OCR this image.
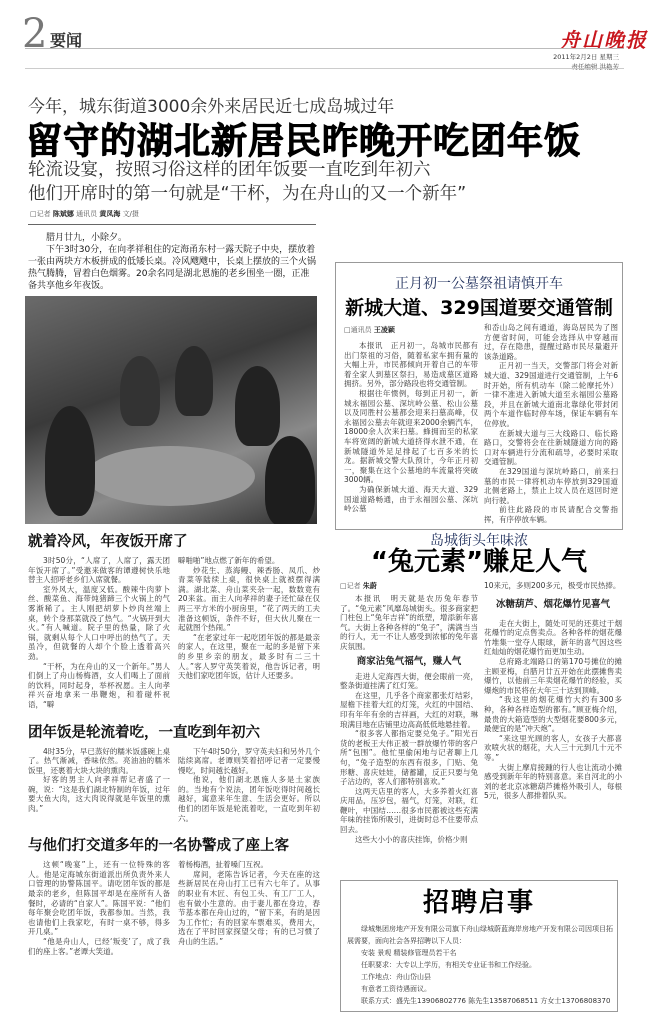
2 要闻	舟山晚报
2011年2月2日 星期三
责任编辑 洪艳芳
今年，城东街道3000余外来居民近七成岛城过年
留守的湖北新居民昨晚开吃团年饭
轮流设宴，按照习俗这样的团年饭要一直吃到年初六
他们开席时的第一句就是“干杯，为在舟山的又一个新年”
□记者 陈斌娜 通讯员 黄凤海 文/摄

腊月廿九，小除夕。

下午3时30分，在向孝祥租住的定海甬东村一露天院子中央，摆放着一张由两块方木板拼成的低矮长桌。冷风飕飕中，长桌上摆放的三个火锅热气腾腾，冒着白色烟雾。20余名同是湖北恩施的老乡围坐一圈，正准备共享他乡年夜饭。

就着冷风，年夜饭开席了

3时50分，“人席了，人席了，露天团年饭开席了。”受邀来做客的谭遵树快乐地替主人招呼老乡们入席就餐。

室外风大，温度又低。酸辣牛肉萝卜丝、酸菜鱼、海带炖猪蹄三个火锅上的气雾渐稀了。主人刚把胡萝卜炒肉丝端上桌，转个身那菜就没了热气。“火锅开到大火。”有人喊道。院子里的热量，除了火锅，就剩从每个人口中呼出的热气了。天虽冷，但就餐的人却个个脸上透着高兴劲。

“干杯，为在舟山的又一个新年。”男人们倒上了舟山杨梅酒，女人们喝上了面前的饮料，同时起身，举杯祝愿。主人向孝祥兴奋地拿来一串鞭炮，和着碰杯祝语，“噼

噼啪啪”地点燃了新年的希望。

炒花生、蒸海鳗、辣香肠、凤爪、炒青菜等陆续上桌，很快桌上就被摆得满满。湖北菜、舟山菜夹杂一起，数数竟有20来盆。而主人向孝祥的妻子还忙碌在仅两三平方米的小厨房里，“花了两天的工夫准备这顿饭，条件不好，但大伙儿聚在一起就图个热闹。”

“在老家过年一起吃团年饭的都是最亲的家人，在这里，聚在一起的多是留下来的乡里乡亲的朋友，最多时有二三十人。”客人罗守英笑着说，他告诉记者，明天他们家吃团年饭，估计人还要多。

团年饭是轮流着吃，一直吃到年初六

4时35分，早已蒸好的糯米饭盛碗上桌了。热气渐减，香味依然。亮油油的糯米饭里，还裹着大块大块的熏肉。

好客的男主人向孝祥帮记者盛了一碗，说：“这是我们湖北特制的年饭，过年要大鱼大肉，这大肉说得就是年饭里的熏肉。”

下午4时50分，罗守英夫妇和另外几个陆续离席。老谭则笑着招呼记者一定要慢慢吃，时间越长越好。

他说，他们湖北恩施人多是土家族的。当地有个说法，团年饭吃得时间越长越好，寓意来年生意、生活会更好。所以他们的团年饭是轮流着吃，一直吃到年初六。

与他们打交道多年的一名协警成了座上客

这顿“晚宴”上，还有一位特殊的客人。他是定海城东街道派出所负责外来人口管理的协警陈国平。请吃团年饭的都是最亲的老乡，但陈国平却是在座所有人备餐时，必请的“自家人”。陈国平说：“他们每年聚会吃团年饭，我都参加。当然，我也请他们上我家吃，有时一桌不够，得多开几桌。”

“他是舟山人，已经‘叛变’了，成了我们的座上客。”老谭大笑道。

着杨梅酒，扯着嗓门互祝。

席间，老陈告诉记者，今天在座的这些新居民在舟山打工已有六七年了。从事的职业有木匠、有包工头、有工厂工人，也有做小生意的。由于妻儿都在身边，春节基本都在舟山过的，“留下来，有的是因为工作忙；有的回家车票难买，费用大，选在了平时回家探望父母；有的已习惯了舟山的生活。”

正月初一公墓祭祖请慎开车
新城大道、329国道要交通管制
□通讯员 王凌颖

本报讯　正月初一，岛城市民都有出门祭祖的习俗，随着私家车拥有量的大幅上升，市民都倾向开着自己的车带着全家人到墓区祭扫，易造成墓区道路拥挤。另外，部分路段也将交通管制。

根据往年惯例，每到正月初一，新城永福园公墓、深坑岭公墓、松山公墓以及同胜村公墓都会迎来扫墓高峰，仅永福园公墓去年就迎来2000余辆汽车，18000余人次来扫墓。蜂拥而至的私家车将宽阔的新城大道挤得水泄不通，在新城隧道外足足排起了七百多米的长龙。据新城交警大队预计，今年正月初一，聚集在这个公墓地的车流量将突破3000辆。

为确保新城大道、海天大道、329国道道路畅通，由于永福园公墓、深坑岭公墓

和岙山岛之间有通道，海岛居民为了图方便省时间，可能会选择从中穿越而过，存在隐患，提醒过路市民尽量避开该条道路。

正月初一当天，交警部门将会对新城大道、329国道进行交通管制，上午6时开始，所有机动车（除二轮摩托外）一律不准进入新城大道至永福园公墓路段，并且在新城大道南北靠绿化带封闭两个车道作临时停车场，保证车辆有车位停放。

在新城大道与三大线路口、临长路路口，交警将会在往新城隧道方向的路口对车辆进行分流和疏导，必要时采取交通管制。

在329国道与深坑岭路口，前来扫墓的市民一律将机动车停放到329国道北侧老路上，禁止上坟人员在返回时逆向行驶。

前往此路段的市民请配合交警指挥，有序停放车辆。

岛城街头年味浓
“兔元素”赚足人气
□记者 朱蔚

本报讯　明天就是农历兔年春节了。“兔元素”风靡岛城街头。很多商家把门柱包上“兔年吉祥”的纸塑，增添新年喜气。大街上各种各样的“兔子”，满满当当的行人，无一不让人感受到浓郁的兔年喜庆氛围。

商家沾兔气福气，赚人气

走进人定海西大街，便会眼前一亮，整条街道挂满了红灯笼。

在这里，几乎各个商家都张灯结彩，屋檐下挂着大红的灯笼，火红的中国结、印有年年有余的吉祥画，大红的对联，琳琅满目地在店铺里边高高低低地悬挂着。

“很多客人都指定要兑兔子。”阳光百货的老板王大伟正被一群放爆竹带的客户所“包围”。他忙里偷闲地与记者聊上几句，“兔子造型的东西有很多，门贴、兔形糖、喜庆娃娃，储蓄罐，反正只要与兔子沾边的，客人们都特别喜欢。”

这两天店里的客人，大多养着火红喜庆用品，压岁包，福气，灯笼，对联，红鞭叶，中国结……很多市民都被这些充满年味的挂饰所吸引，进街时总不住要带点回去。

这些大小小的喜庆挂饰，价格少则

10来元，多则200多元，极受市民热捧。

冰糖葫芦、烟花爆竹见喜气

走在大街上，随处可见的还莫过于烟花爆竹的定点售卖点。各种各样的烟花爆竹堆集一堂夺人眼球，新年的喜气因这些红灿灿的烟花爆竹而更加生动。

总府路北端路口的第170号摊位的摊主顾亚梅，自腊月廿五开始在此摆摊售卖爆竹，以他前三年卖烟花爆竹的经验，买爆炮的市民将在大年三十达到顶峰。

“我这里的烟花爆竹大约有300多种，各种各样造型的都有。”顾亚梅介绍，最贵的大箱造型的大型烟花要800多元，最便宜的是“冲天炮”。

“来这里光顾的客人，女孩子大都喜欢喷火状的烟花，大人三十元到几十元不等。”

大街上摩肩接踵的行人也让流动小摊感受到新年年的特别喜意。来自河北的小刘的老北京冰糖葫芦摊格外吸引人，每根5元，很多人都排着队买。

招聘启事

绿城集团房地产开发有限公司旗下舟山绿城蔚蓝海岸房地产开发有限公司因项目拓展需要，面向社会各界招聘以下人员：

安装 景观 精装修管理员若干名

任职要求：大专以上学历，有相关专业证书和工作经验。

工作地点：舟山岱山县

有意者工资待遇面议。

联系方式：盛先生13906802776 陈先生13587068511 方女士13706808370
